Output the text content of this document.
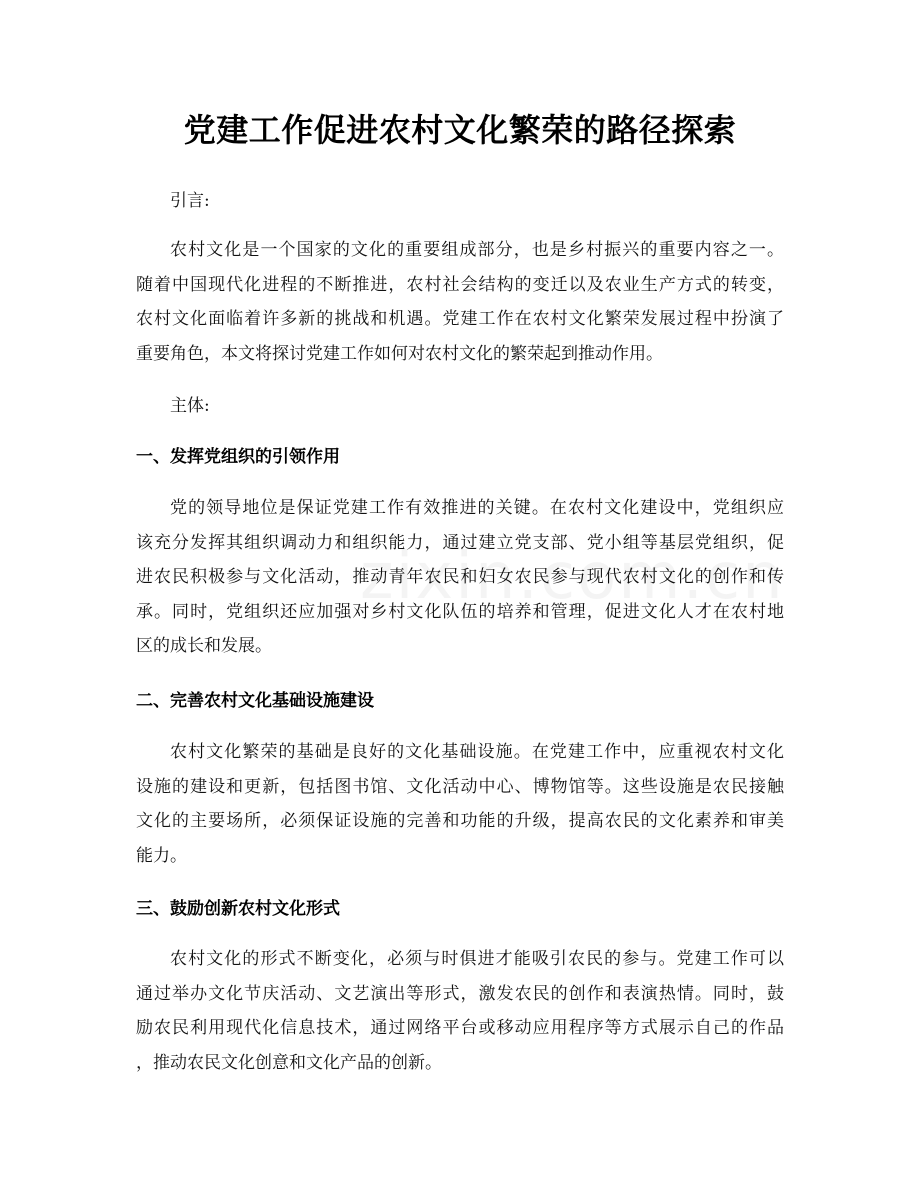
党建工作促进农村文化繁荣的路径探索

引言:

农村文化是一个国家的文化的重要组成部分，也是乡村振兴的重要内容之一。
随着中国现代化进程的不断推进，农村社会结构的变迁以及农业生产方式的转变，
农村文化面临着许多新的挑战和机遇。党建工作在农村文化繁荣发展过程中扮演了
重要角色，本文将探讨党建工作如何对农村文化的繁荣起到推动作用。

主体:

一、发挥党组织的引领作用
党的领导地位是保证党建工作有效推进的关键。在农村文化建设中，党组织应
该充分发挥其组织调动力和组织能力，通过建立党支部、党小组等基层党组织，促
进农民积极参与文化活动，推动青年农民和妇女农民参与现代农村文化的创作和传
承。同时，党组织还应加强对乡村文化队伍的培养和管理，促进文化人才在农村地
区的成长和发展。
二、完善农村文化基础设施建设
农村文化繁荣的基础是良好的文化基础设施。在党建工作中，应重视农村文化
设施的建设和更新，包括图书馆、文化活动中心、博物馆等。这些设施是农民接触
文化的主要场所，必须保证设施的完善和功能的升级，提高农民的文化素养和审美
能力。
三、鼓励创新农村文化形式
农村文化的形式不断变化，必须与时俱进才能吸引农民的参与。党建工作可以
通过举办文化节庆活动、文艺演出等形式，激发农民的创作和表演热情。同时，鼓
励农民利用现代化信息技术，通过网络平台或移动应用程序等方式展示自己的作品
，推动农民文化创意和文化产品的创新。
